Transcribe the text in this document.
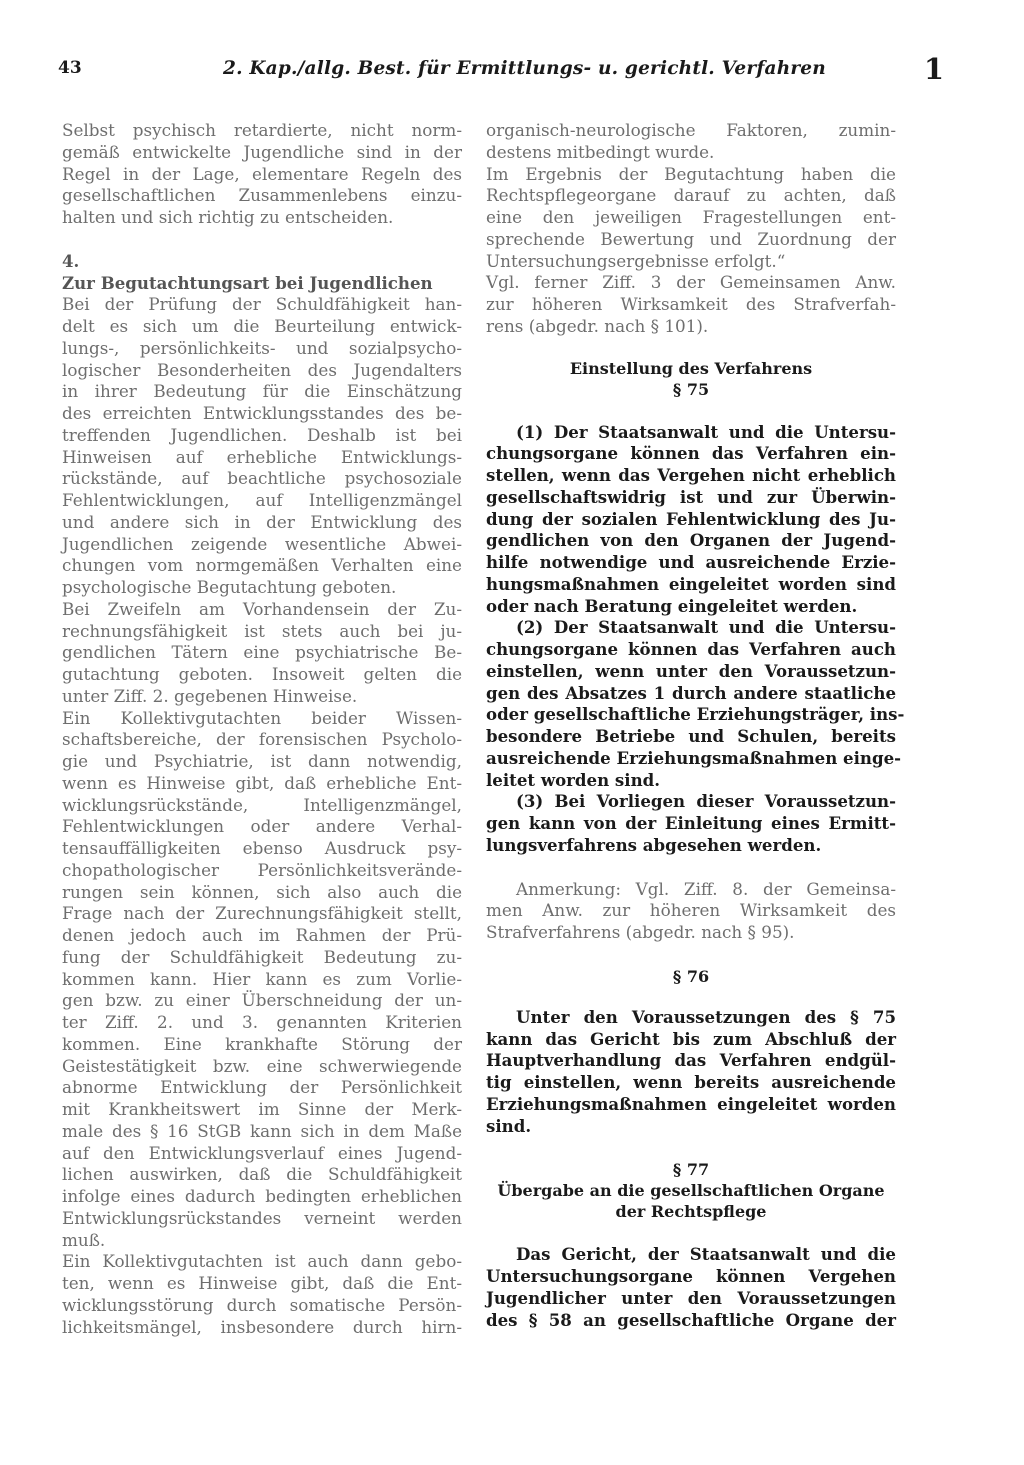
43	2. Kap./allg. Best. für Ermittlungs- u. gerichtl. Verfahren	1
Selbst psychisch retardierte, nicht norm-
gemäß entwickelte Jugendliche sind in der
Regel in der Lage, elementare Regeln des
gesellschaftlichen Zusammenlebens einzu-
halten und sich richtig zu entscheiden.
4.
Zur Begutachtungsart bei Jugendlichen
Bei der Prüfung der Schuldfähigkeit han-
delt es sich um die Beurteilung entwick-
lungs-, persönlichkeits- und sozialpsycho-
logischer Besonderheiten des Jugendalters
in ihrer Bedeutung für die Einschätzung
des erreichten Entwicklungsstandes des be-
treffenden Jugendlichen. Deshalb ist bei
Hinweisen auf erhebliche Entwicklungs-
rückstände, auf beachtliche psychosoziale
Fehlentwicklungen, auf Intelligenzmängel
und andere sich in der Entwicklung des
Jugendlichen zeigende wesentliche Abwei-
chungen vom normgemäßen Verhalten eine
psychologische Begutachtung geboten.
Bei Zweifeln am Vorhandensein der Zu-
rechnungsfähigkeit ist stets auch bei ju-
gendlichen Tätern eine psychiatrische Be-
gutachtung geboten. Insoweit gelten die
unter Ziff. 2. gegebenen Hinweise.
Ein Kollektivgutachten beider Wissen-
schaftsbereiche, der forensischen Psycholo-
gie und Psychiatrie, ist dann notwendig,
wenn es Hinweise gibt, daß erhebliche Ent-
wicklungsrückstände, Intelligenzmängel,
Fehlentwicklungen oder andere Verhal-
tensauffälligkeiten ebenso Ausdruck psy-
chopathologischer Persönlichkeitsverände-
rungen sein können, sich also auch die
Frage nach der Zurechnungsfähigkeit stellt,
denen jedoch auch im Rahmen der Prü-
fung der Schuldfähigkeit Bedeutung zu-
kommen kann. Hier kann es zum Vorlie-
gen bzw. zu einer Überschneidung der un-
ter Ziff. 2. und 3. genannten Kriterien
kommen. Eine krankhafte Störung der
Geistestätigkeit bzw. eine schwerwiegende
abnorme Entwicklung der Persönlichkeit
mit Krankheitswert im Sinne der Merk-
male des § 16 StGB kann sich in dem Maße
auf den Entwicklungsverlauf eines Jugend-
lichen auswirken, daß die Schuldfähigkeit
infolge eines dadurch bedingten erheblichen
Entwicklungsrückstandes verneint werden
muß.
Ein Kollektivgutachten ist auch dann gebo-
ten, wenn es Hinweise gibt, daß die Ent-
wicklungsstörung durch somatische Persön-
lichkeitsmängel, insbesondere durch hirn-
organisch-neurologische Faktoren, zumin-
destens mitbedingt wurde.
Im Ergebnis der Begutachtung haben die
Rechtspflegeorgane darauf zu achten, daß
eine den jeweiligen Fragestellungen ent-
sprechende Bewertung und Zuordnung der
Untersuchungsergebnisse erfolgt.“
Vgl. ferner Ziff. 3 der Gemeinsamen Anw.
zur höheren Wirksamkeit des Strafverfah-
rens (abgedr. nach § 101).
Einstellung des Verfahrens
§ 75
(1) Der Staatsanwalt und die Untersu-
chungsorgane können das Verfahren ein-
stellen, wenn das Vergehen nicht erheblich
gesellschaftswidrig ist und zur Überwin-
dung der sozialen Fehlentwicklung des Ju-
gendlichen von den Organen der Jugend-
hilfe notwendige und ausreichende Erzie-
hungsmaßnahmen eingeleitet worden sind
oder nach Beratung eingeleitet werden.
(2) Der Staatsanwalt und die Untersu-
chungsorgane können das Verfahren auch
einstellen, wenn unter den Voraussetzun-
gen des Absatzes 1 durch andere staatliche
oder gesellschaftliche Erziehungsträger, ins-
besondere Betriebe und Schulen, bereits
ausreichende Erziehungsmaßnahmen einge-
leitet worden sind.
(3) Bei Vorliegen dieser Voraussetzun-
gen kann von der Einleitung eines Ermitt-
lungsverfahrens abgesehen werden.
Anmerkung: Vgl. Ziff. 8. der Gemeinsa-
men Anw. zur höheren Wirksamkeit des
Strafverfahrens (abgedr. nach § 95).
§ 76
Unter den Voraussetzungen des § 75
kann das Gericht bis zum Abschluß der
Hauptverhandlung das Verfahren endgül-
tig einstellen, wenn bereits ausreichende
Erziehungsmaßnahmen eingeleitet worden
sind.
§ 77
Übergabe an die gesellschaftlichen Organe
der Rechtspflege
Das Gericht, der Staatsanwalt und die
Untersuchungsorgane können Vergehen
Jugendlicher unter den Voraussetzungen
des § 58 an gesellschaftliche Organe der
